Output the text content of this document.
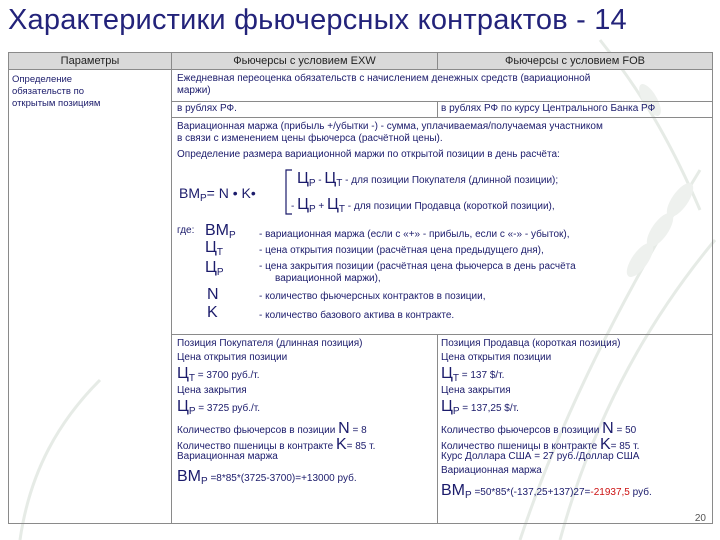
Характеристики фьючерсных контрактов - 14
Параметры	Фьючерсы с условием EXW	Фьючерсы с условием FOB
Определение
обязательств по
открытым позициям
Ежедневная переоценка обязательств с начислением денежных средств (вариационной
маржи)
в рублях РФ.	в рублях РФ по курсу Центрального Банка РФ
Вариационная маржа (прибыль +/убытки -) - сумма, уплачиваемая/получаемая участником
в связи с изменением цены фьючерса (расчётной цены).
Определение размера вариационной маржи по открытой позиции в день расчёта:
$ВМ_Р= N$ • K•
ЦР - ЦТ - для позиции Покупателя (длинной позиции);
- ЦР + ЦТ - для позиции Продавца (короткой позиции),
где: $ВМ_Р$ - вариационная маржа (если с «+» - прибыль, если с «-» - убыток),
$Ц_Т$	- цена открытия позиции (расчётная цена предыдущего дня),
$Ц_Р$
- цена закрытия позиции (расчётная цена фьючерса в день расчёта
вариационной маржи),
N	- количество фьючерсных контрактов в позиции,
K	- количество базового актива в контракте.
Позиция Покупателя (длинная позиция)
Цена открытия позиции
ЦТ = 3700 руб./т.
Цена закрытия
ЦР = 3725 руб./т.
Количество фьючерсов в позиции N = 8
Количество пшеницы в контракте K= 85 т.
Вариационная маржа
ВМР =8*85*(3725-3700)=+13000 руб.
Позиция Продавца (короткая позиция)
Цена открытия позиции
ЦТ = 137 $/т.
Цена закрытия
ЦР = 137,25 $/т.
Количество фьючерсов в позиции N = 50
Количество пшеницы в контракте K= 85 т.
Курс Доллара США = 27 руб./Доллар США
Вариационная маржа
ВМР =50*85*(-137,25+137)27=-21937,5 руб.
20
